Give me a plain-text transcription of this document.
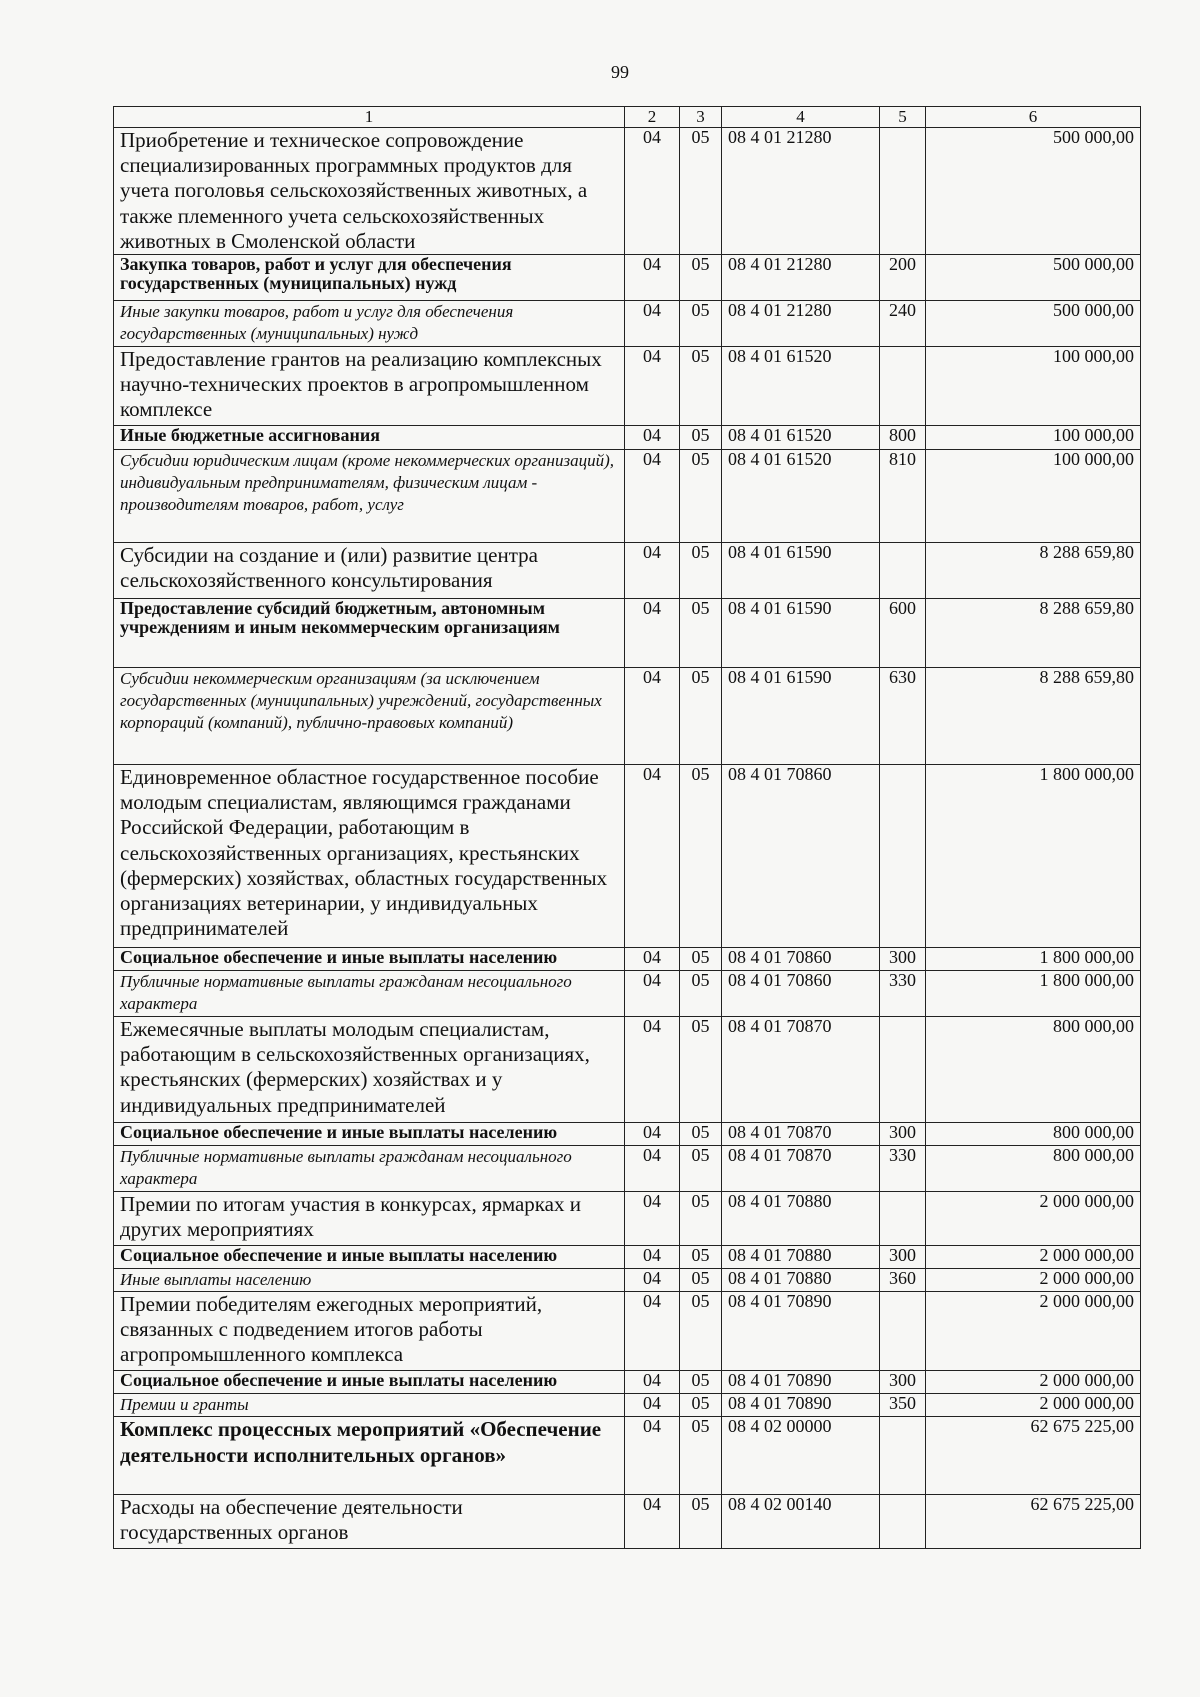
99
1	2	3	4	5	6
Приобретение и техническое сопровождение специализированных программных продуктов для учета поголовья сельскохозяйственных животных, а также племенного учета сельскохозяйственных животных в Смоленской области	04	05	08 4 01 21280		500 000,00
Закупка товаров, работ и услуг для обеспечения государственных (муниципальных) нужд	04	05	08 4 01 21280	200	500 000,00
Иные закупки товаров, работ и услуг для обеспечения государственных (муниципальных) нужд	04	05	08 4 01 21280	240	500 000,00
Предоставление грантов на реализацию комплексных научно-технических проектов в агропромышленном комплексе	04	05	08 4 01 61520		100 000,00
Иные бюджетные ассигнования	04	05	08 4 01 61520	800	100 000,00
Субсидии юридическим лицам (кроме некоммерческих организаций), индивидуальным предпринимателям, физическим лицам - производителям товаров, работ, услуг	04	05	08 4 01 61520	810	100 000,00
Субсидии на создание и (или) развитие центра сельскохозяйственного консультирования	04	05	08 4 01 61590		8 288 659,80
Предоставление субсидий бюджетным, автономным учреждениям и иным некоммерческим организациям	04	05	08 4 01 61590	600	8 288 659,80
Субсидии некоммерческим организациям (за исключением государственных (муниципальных) учреждений, государственных корпораций (компаний), публично-правовых компаний)	04	05	08 4 01 61590	630	8 288 659,80
Единовременное областное государственное пособие молодым специалистам, являющимся гражданами Российской Федерации, работающим в сельскохозяйственных организациях, крестьянских (фермерских) хозяйствах, областных государственных организациях ветеринарии, у индивидуальных предпринимателей	04	05	08 4 01 70860		1 800 000,00
Социальное обеспечение и иные выплаты населению	04	05	08 4 01 70860	300	1 800 000,00
Публичные нормативные выплаты гражданам несоциального характера	04	05	08 4 01 70860	330	1 800 000,00
Ежемесячные выплаты молодым специалистам, работающим в сельскохозяйственных организациях, крестьянских (фермерских) хозяйствах и у индивидуальных предпринимателей	04	05	08 4 01 70870		800 000,00
Социальное обеспечение и иные выплаты населению	04	05	08 4 01 70870	300	800 000,00
Публичные нормативные выплаты гражданам несоциального характера	04	05	08 4 01 70870	330	800 000,00
Премии по итогам участия в конкурсах, ярмарках и других мероприятиях	04	05	08 4 01 70880		2 000 000,00
Социальное обеспечение и иные выплаты населению	04	05	08 4 01 70880	300	2 000 000,00
Иные выплаты населению	04	05	08 4 01 70880	360	2 000 000,00
Премии победителям ежегодных мероприятий, связанных с подведением итогов работы агропромышленного комплекса	04	05	08 4 01 70890		2 000 000,00
Социальное обеспечение и иные выплаты населению	04	05	08 4 01 70890	300	2 000 000,00
Премии и гранты	04	05	08 4 01 70890	350	2 000 000,00
Комплекс процессных мероприятий «Обеспечение деятельности исполнительных органов»	04	05	08 4 02 00000		62 675 225,00
Расходы на обеспечение деятельности государственных органов	04	05	08 4 02 00140		62 675 225,00
